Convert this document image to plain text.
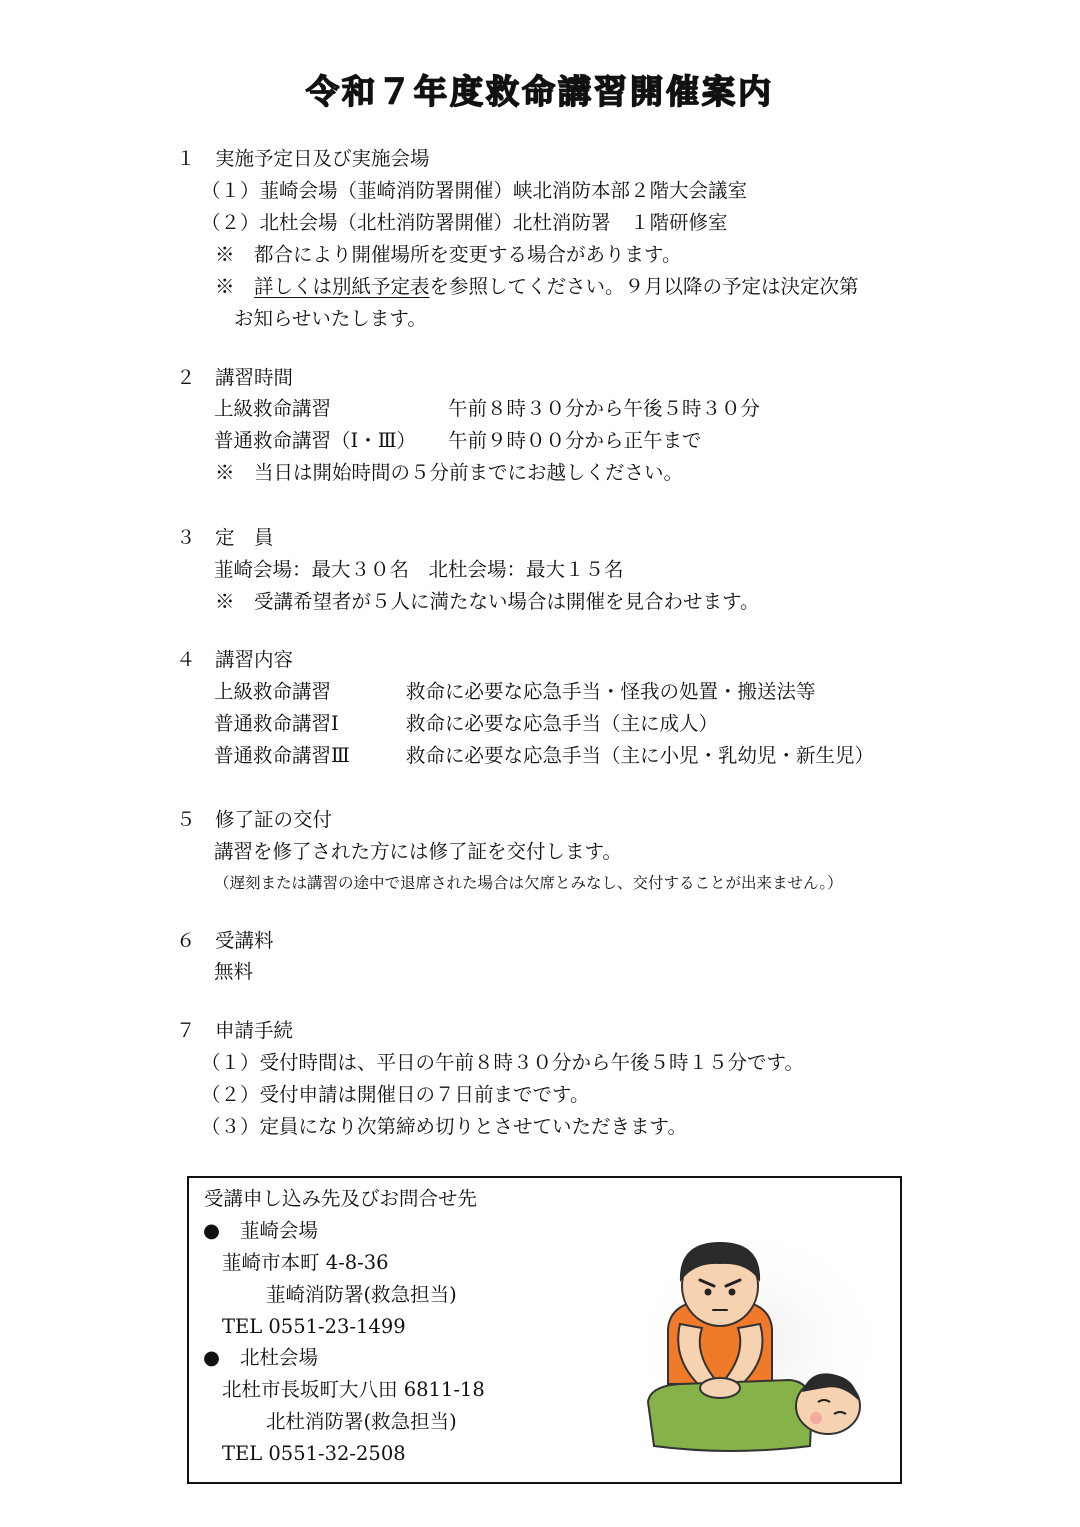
令和７年度救命講習開催案内
１　実施予定日及び実施会場
（１）韮崎会場（韮崎消防署開催）峡北消防本部２階大会議室
（２）北杜会場（北杜消防署開催）北杜消防署　１階研修室
※　都合により開催場所を変更する場合があります。
※　詳しくは別紙予定表を参照してください。９月以降の予定は決定次第
お知らせいたします。
２　講習時間
上級救命講習	午前８時３０分から午後５時３０分
普通救命講習（Ⅰ・Ⅲ） 午前９時００分から正午まで
※　当日は開始時間の５分前までにお越しください。
３　定　員
韮崎会場：最大３０名　北杜会場：最大１５名
※　受講希望者が５人に満たない場合は開催を見合わせます。
４　講習内容
上級救命講習	救命に必要な応急手当・怪我の処置・搬送法等
普通救命講習Ⅰ	救命に必要な応急手当（主に成人）
普通救命講習Ⅲ	救命に必要な応急手当（主に小児・乳幼児・新生児）
５　修了証の交付
講習を修了された方には修了証を交付します。
（遅刻または講習の途中で退席された場合は欠席とみなし、交付することが出来ません。）
６　受講料
無料
７　申請手続
（１）受付時間は、平日の午前８時３０分から午後５時１５分です。
（２）受付申請は開催日の７日前までです。
（３）定員になり次第締め切りとさせていただきます。
受講申し込み先及びお問合せ先
● 韮崎会場
韮崎市本町 4-8-36
韮崎消防署(救急担当)
TEL 0551-23-1499
● 北杜会場
北杜市長坂町大八田 6811-18
北杜消防署(救急担当)
TEL 0551-32-2508
